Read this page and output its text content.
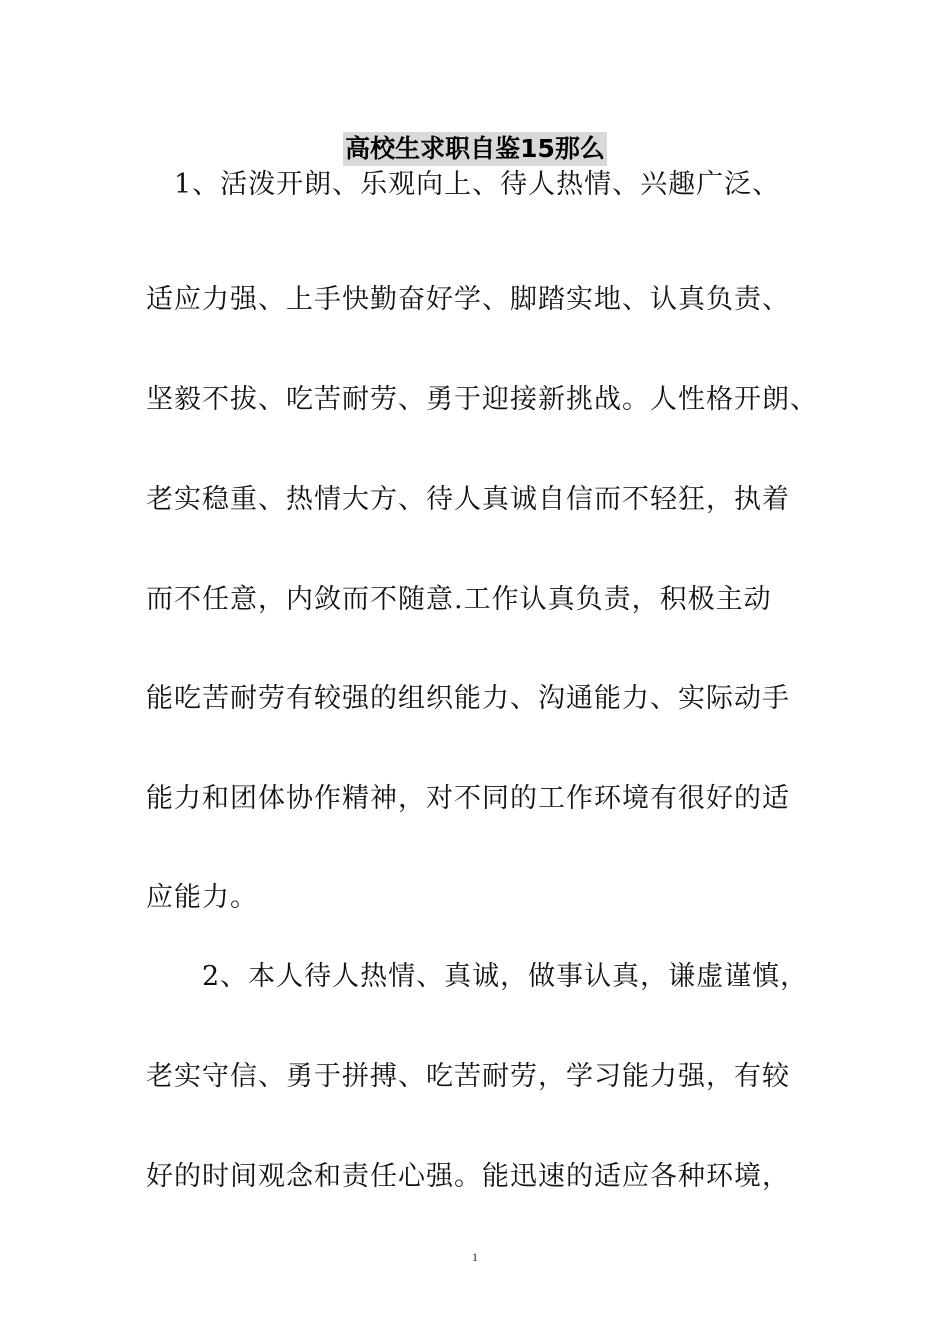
高校生求职自鉴15那么
1、活泼开朗、乐观向上、待人热情、兴趣广泛、
适应力强、上手快勤奋好学、脚踏实地、认真负责、
坚毅不拔、吃苦耐劳、勇于迎接新挑战。人性格开朗、
老实稳重、热情大方、待人真诚自信而不轻狂，执着
而不任意，内敛而不随意.工作认真负责，积极主动
能吃苦耐劳有较强的组织能力、沟通能力、实际动手
能力和团体协作精神，对不同的工作环境有很好的适
应能力。
2、本人待人热情、真诚，做事认真，谦虚谨慎，
老实守信、勇于拼搏、吃苦耐劳，学习能力强，有较
好的时间观念和责任心强。能迅速的适应各种环境，
1
